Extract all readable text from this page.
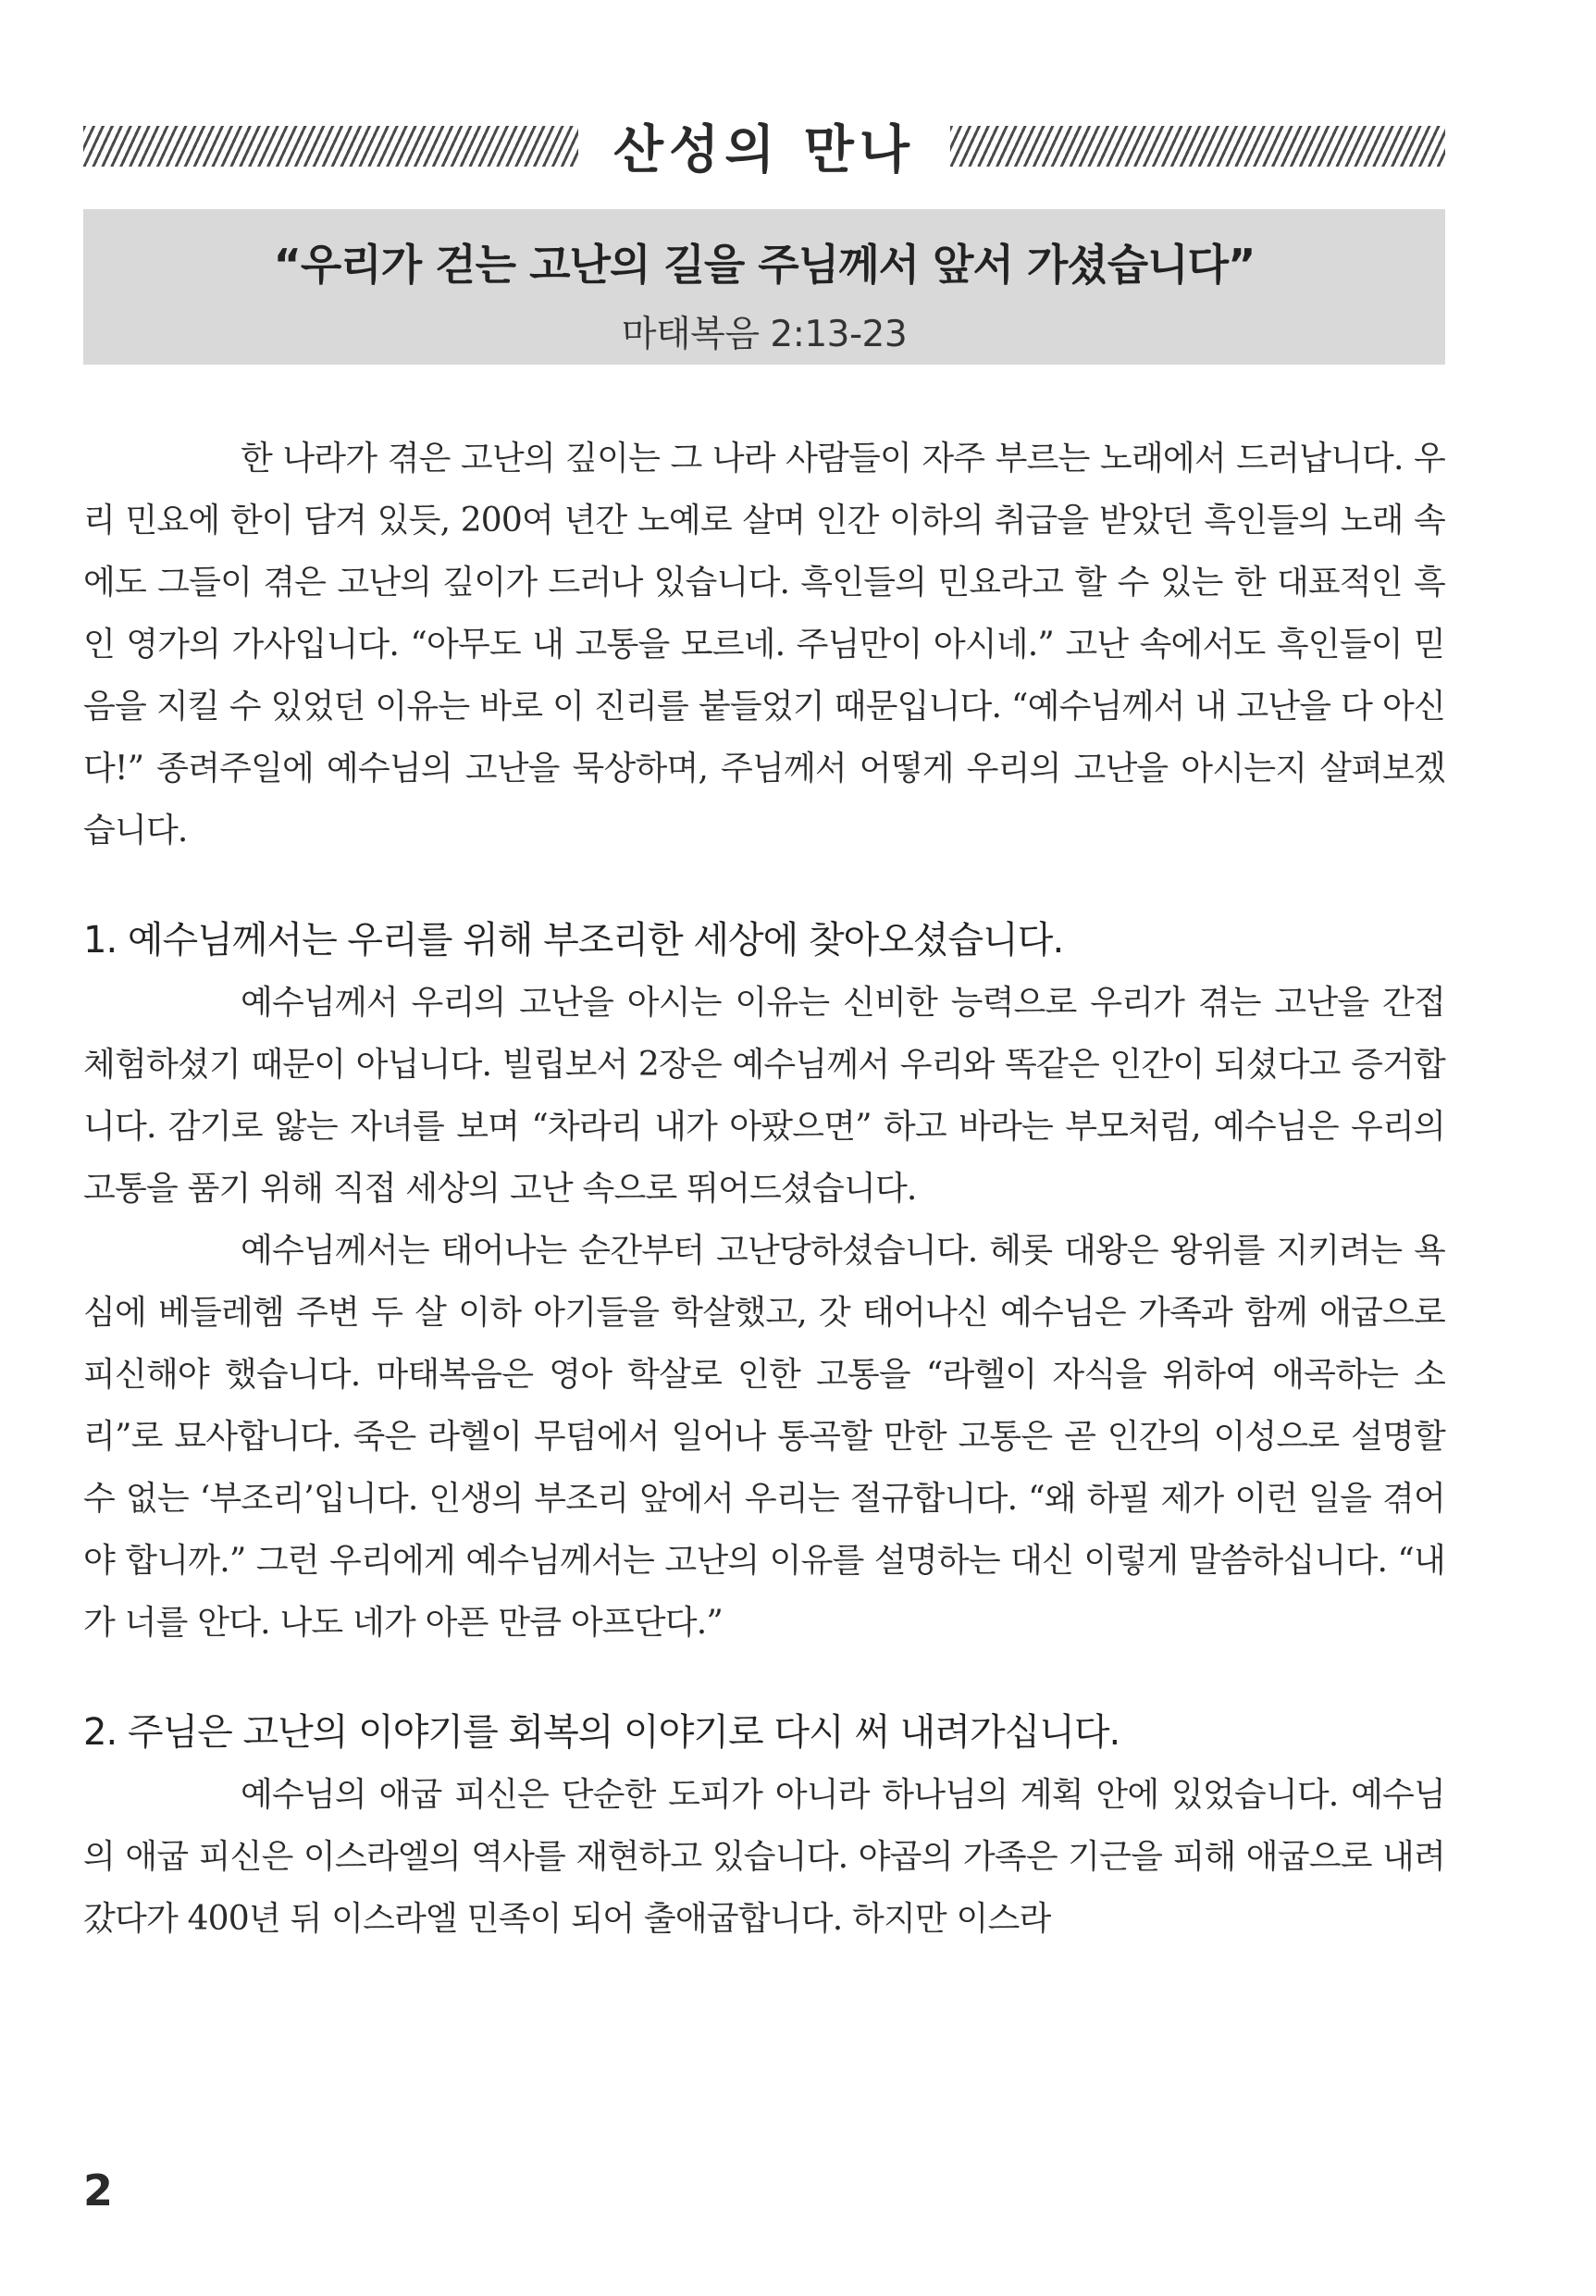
산성의 만나
“우리가 걷는 고난의 길을 주님께서 앞서 가셨습니다”
마태복음 2:13-23

한 나라가 겪은 고난의 깊이는 그 나라 사람들이 자주 부르는 노래에서 드러납니다. 우리 민요에 한이 담겨 있듯, 200여 년간 노예로 살며 인간 이하의 취급을 받았던 흑인들의 노래 속에도 그들이 겪은 고난의 깊이가 드러나 있습니다. 흑인들의 민요라고 할 수 있는 한 대표적인 흑인 영가의 가사입니다. “아무도 내 고통을 모르네. 주님만이 아시네.” 고난 속에서도 흑인들이 믿음을 지킬 수 있었던 이유는 바로 이 진리를 붙들었기 때문입니다. “예수님께서 내 고난을 다 아신다!” 종려주일에 예수님의 고난을 묵상하며, 주님께서 어떻게 우리의 고난을 아시는지 살펴보겠습니다.

1. 예수님께서는 우리를 위해 부조리한 세상에 찾아오셨습니다.

예수님께서 우리의 고난을 아시는 이유는 신비한 능력으로 우리가 겪는 고난을 간접 체험하셨기 때문이 아닙니다. 빌립보서 2장은 예수님께서 우리와 똑같은 인간이 되셨다고 증거합니다. 감기로 앓는 자녀를 보며 “차라리 내가 아팠으면” 하고 바라는 부모처럼, 예수님은 우리의 고통을 품기 위해 직접 세상의 고난 속으로 뛰어드셨습니다.

예수님께서는 태어나는 순간부터 고난당하셨습니다. 헤롯 대왕은 왕위를 지키려는 욕심에 베들레헴 주변 두 살 이하 아기들을 학살했고, 갓 태어나신 예수님은 가족과 함께 애굽으로 피신해야 했습니다. 마태복음은 영아 학살로 인한 고통을 “라헬이 자식을 위하여 애곡하는 소리”로 묘사합니다. 죽은 라헬이 무덤에서 일어나 통곡할 만한 고통은 곧 인간의 이성으로 설명할 수 없는 ‘부조리’입니다. 인생의 부조리 앞에서 우리는 절규합니다. “왜 하필 제가 이런 일을 겪어야 합니까.” 그런 우리에게 예수님께서는 고난의 이유를 설명하는 대신 이렇게 말씀하십니다. “내가 너를 안다. 나도 네가 아픈 만큼 아프단다.”

2. 주님은 고난의 이야기를 회복의 이야기로 다시 써 내려가십니다.

예수님의 애굽 피신은 단순한 도피가 아니라 하나님의 계획 안에 있었습니다. 예수님의 애굽 피신은 이스라엘의 역사를 재현하고 있습니다. 야곱의 가족은 기근을 피해 애굽으로 내려갔다가 400년 뒤 이스라엘 민족이 되어 출애굽합니다. 하지만 이스라

2
